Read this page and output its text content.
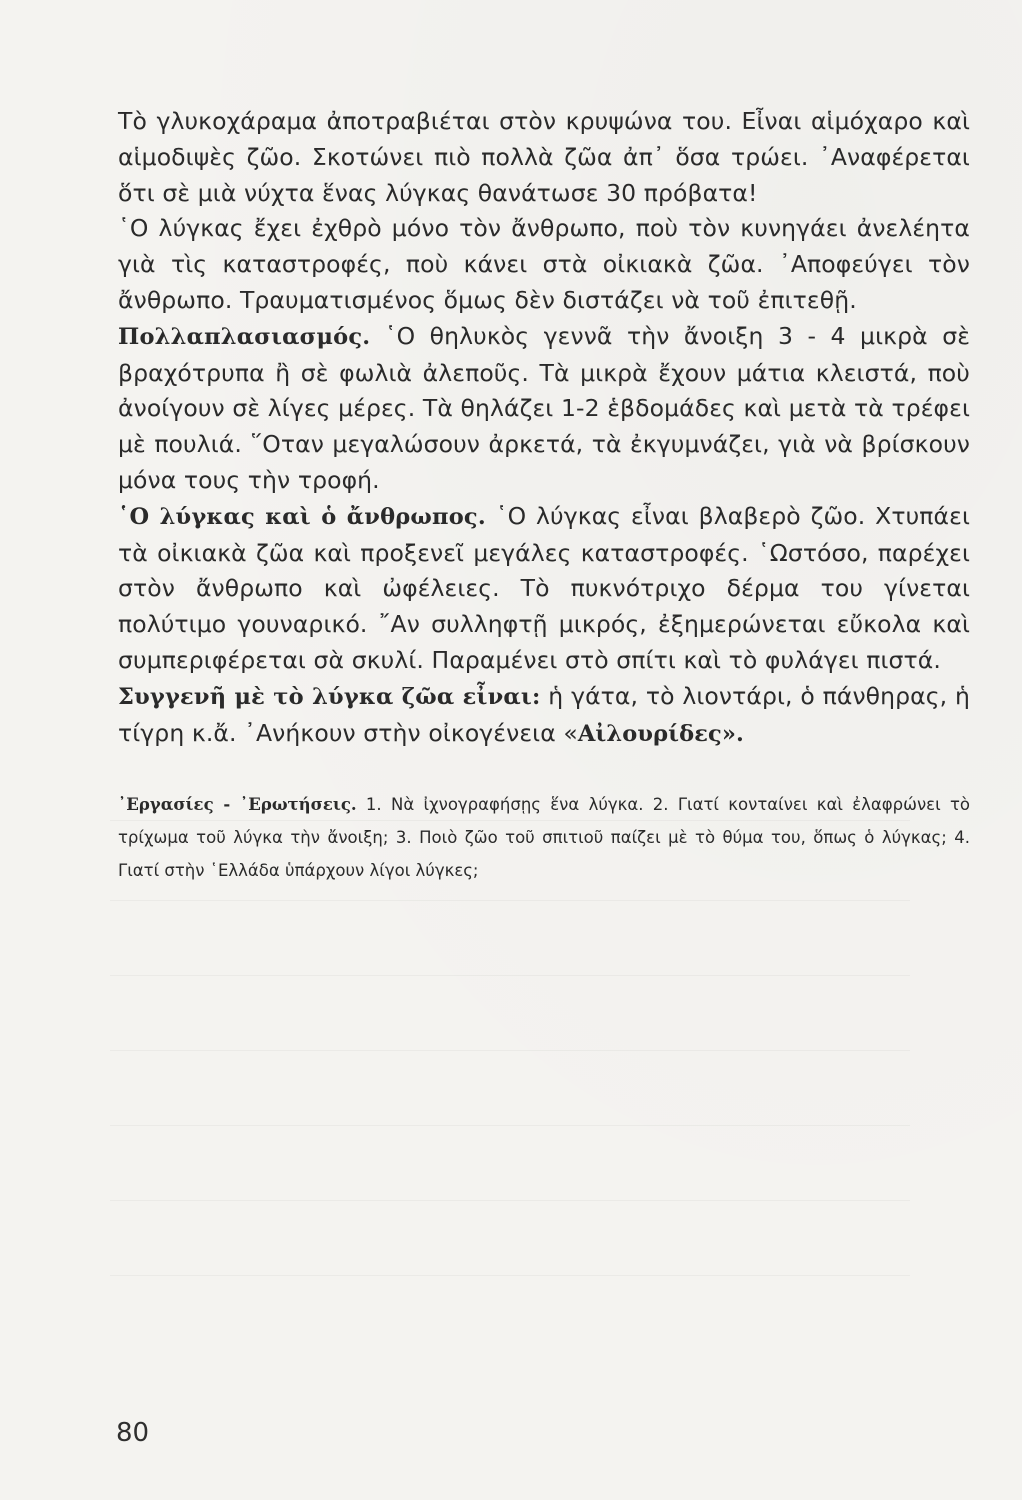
Τὸ γλυκοχάραμα ἀποτραβιέται στὸν κρυψώνα του. Εἶναι αἱμόχαρο καὶ αἱμοδιψὲς ζῶο. Σκοτώνει πιὸ πολλὰ ζῶα ἀπ᾿ ὅσα τρώει. ᾿Αναφέρεται ὅτι σὲ μιὰ νύχτα ἕνας λύγκας θανάτωσε 30 πρόβατα!

῾Ο λύγκας ἔχει ἐχθρὸ μόνο τὸν ἄνθρωπο, ποὺ τὸν κυνηγάει ἀνελέητα γιὰ τὶς καταστροφές, ποὺ κάνει στὰ οἰκιακὰ ζῶα. ᾿Αποφεύγει τὸν ἄνθρωπο. Τραυματισμένος ὅμως δὲν διστάζει νὰ τοῦ ἐπιτεθῇ.

Πολλαπλασιασμός. ῾Ο θηλυκὸς γεννᾶ τὴν ἄνοιξη 3 - 4 μικρὰ σὲ βραχότρυπα ἢ σὲ φωλιὰ ἀλεποῦς. Τὰ μικρὰ ἔχουν μάτια κλειστά, ποὺ ἀνοίγουν σὲ λίγες μέρες. Τὰ θηλάζει 1-2 ἑβδομάδες καὶ μετὰ τὰ τρέφει μὲ πουλιά. ῞Οταν μεγαλώσουν ἀρκετά, τὰ ἐκγυμνάζει, γιὰ νὰ βρίσκουν μόνα τους τὴν τροφή.

῾Ο λύγκας καὶ ὁ ἄνθρωπος. ῾Ο λύγκας εἶναι βλαβερὸ ζῶο. Χτυπάει τὰ οἰκιακὰ ζῶα καὶ προξενεῖ μεγάλες καταστροφές. ῾Ωστόσο, παρέχει στὸν ἄνθρωπο καὶ ὠφέλειες. Τὸ πυκνότριχο δέρμα του γίνεται πολύτιμο γουναρικό. ῎Αν συλληφτῇ μικρός, ἐξημερώνεται εὔκολα καὶ συμπεριφέρεται σὰ σκυλί. Παραμένει στὸ σπίτι καὶ τὸ φυλάγει πιστά.

Συγγενῆ μὲ τὸ λύγκα ζῶα εἶναι: ἡ γάτα, τὸ λιοντάρι, ὁ πάνθηρας, ἡ τίγρη κ.ἄ. ᾿Ανήκουν στὴν οἰκογένεια «Αἰλουρίδες».

᾿Εργασίες - ᾿Ερωτήσεις. 1. Νὰ ἰχνογραφήσῃς ἕνα λύγκα. 2. Γιατί κονταίνει καὶ ἐλαφρώνει τὸ τρίχωμα τοῦ λύγκα τὴν ἄνοιξη; 3. Ποιὸ ζῶο τοῦ σπιτιοῦ παίζει μὲ τὸ θύμα του, ὅπως ὁ λύγκας; 4. Γιατί στὴν ῾Ελλάδα ὑπάρχουν λίγοι λύγκες;
80
